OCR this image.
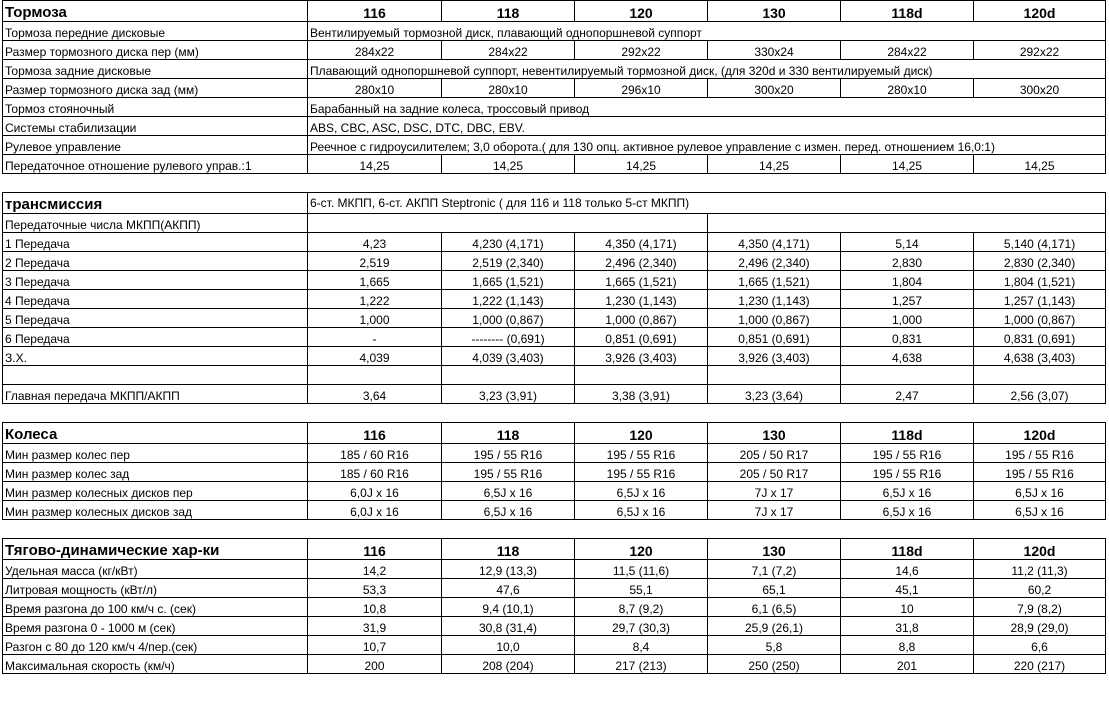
Тормоза	116	118	120	130	118d	120d
Тормоза передние дисковые	Вентилируемый тормозной диск, плавающий однопоршневой суппорт					
Размер тормозного диска пер (мм)	284x22	284x22	292x22	330x24	284x22	292x22
Тормоза задние дисковые	Плавающий однопоршневой суппорт, невентилируемый тормозной диск, (для 320d и 330 вентилируемый диск)					
Размер тормозного диска зад (мм)	280x10	280x10	296x10	300x20	280x10	300x20
Тормоз стояночный	Барабанный на задние колеса, тросcовый привод					
Системы стабилизации	ABS, CBC, ASC, DSC, DTC, DBC, EBV.					
Рулевое управление	Реечное с гидроусилителем; 3,0 оборота.( для 130 опц. активное рулевое управление с измен. перед. отношением 16,0:1)					
Передаточное отношение рулевого управ.:1	14,25	14,25	14,25	14,25	14,25	14,25
трансмиссия	6-ст. МКПП, 6-ст. АКПП Steptronic ( для 116 и 118 только 5-ст МКПП)					
Передаточные числа МКПП(АКПП)						
1 Передача	4,23	4,230 (4,171)	4,350 (4,171)	4,350 (4,171)	5,14	5,140 (4,171)
2 Передача	2,519	2,519 (2,340)	2,496 (2,340)	2,496 (2,340)	2,830	2,830 (2,340)
3 Передача	1,665	1,665 (1,521)	1,665 (1,521)	1,665 (1,521)	1,804	1,804 (1,521)
4 Передача	1,222	1,222 (1,143)	1,230 (1,143)	1,230 (1,143)	1,257	1,257 (1,143)
5 Передача	1,000	1,000 (0,867)	1,000 (0,867)	1,000 (0,867)	1,000	1,000 (0,867)
6 Передача	-	-------- (0,691)	0,851 (0,691)	0,851 (0,691)	0,831	0,831 (0,691)
З.Х.	4,039	4,039 (3,403)	3,926 (3,403)	3,926 (3,403)	4,638	4,638 (3,403)

Главная передача МКПП/АКПП	3,64	3,23 (3,91)	3,38 (3,91)	3,23 (3,64)	2,47	2,56 (3,07)
Колеса	116	118	120	130	118d	120d
Мин размер колес пер	185 / 60 R16	195 / 55 R16	195 / 55 R16	205 / 50 R17	195 / 55 R16	195 / 55 R16
Мин размер колес зад	185 / 60 R16	195 / 55 R16	195 / 55 R16	205 / 50 R17	195 / 55 R16	195 / 55 R16
Мин размер колесных дисков пер	6,0J x 16	6,5J x 16	6,5J x 16	7J x 17	6,5J x 16	6,5J x 16
Мин размер колесных дисков зад	6,0J x 16	6,5J x 16	6,5J x 16	7J x 17	6,5J x 16	6,5J x 16
Тягово-динамические хар-ки	116	118	120	130	118d	120d
Удельная масса (кг/кВт)	14,2	12,9 (13,3)	11,5 (11,6)	7,1 (7,2)	14,6	11,2 (11,3)
Литровая мощность (кВт/л)	53,3	47,6	55,1	65,1	45,1	60,2
Время разгона до 100 км/ч с. (сек)	10,8	9,4 (10,1)	8,7 (9,2)	6,1 (6,5)	10	7,9 (8,2)
Время разгона 0 - 1000 м (сек)	31,9	30,8 (31,4)	29,7 (30,3)	25,9 (26,1)	31,8	28,9 (29,0)
Разгон с 80 до 120 км/ч 4/пер.(сек)	10,7	10,0	8,4	5,8	8,8	6,6
Максимальная скорость (км/ч)	200	208 (204)	217 (213)	250 (250)	201	220 (217)
